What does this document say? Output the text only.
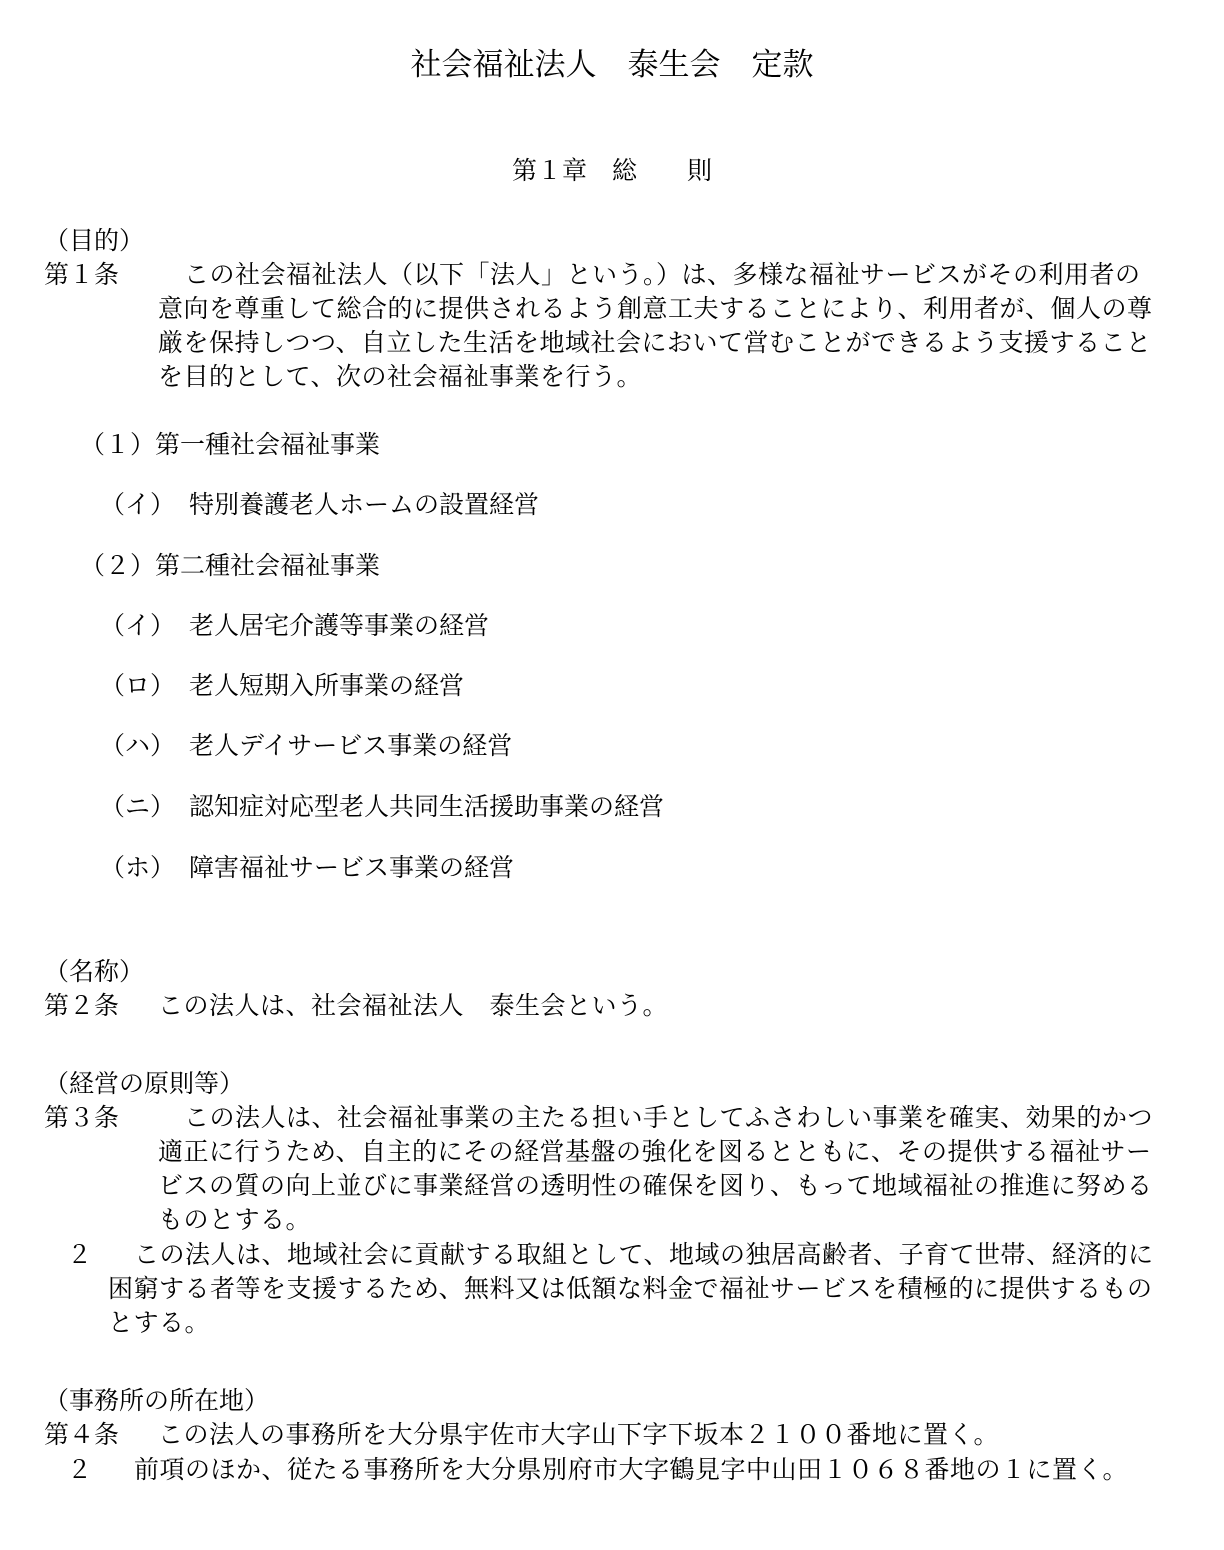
社会福祉法人　泰生会　定款
第１章　総　　則
（目的）
第１条	この社会福祉法人（以下「法人」という。）は、多様な福祉サービスがその利用者の
意向を尊重して総合的に提供されるよう創意工夫することにより、利用者が、個人の尊
厳を保持しつつ、自立した生活を地域社会において営むことができるよう支援すること
を目的として、次の社会福祉事業を行う。
（１） 第一種社会福祉事業
（イ） 特別養護老人ホームの設置経営
（２） 第二種社会福祉事業
（イ） 老人居宅介護等事業の経営
（ロ） 老人短期入所事業の経営
（ハ） 老人デイサービス事業の経営
（ニ） 認知症対応型老人共同生活援助事業の経営
（ホ） 障害福祉サービス事業の経営
（名称）
第２条 この法人は、社会福祉法人　泰生会という。
（経営の原則等）
第３条	この法人は、社会福祉事業の主たる担い手としてふさわしい事業を確実、効果的かつ
適正に行うため、自主的にその経営基盤の強化を図るとともに、その提供する福祉サー
ビスの質の向上並びに事業経営の透明性の確保を図り、もって地域福祉の推進に努める
ものとする。
２ この法人は、地域社会に貢献する取組として、地域の独居高齢者、子育て世帯、経済的に
困窮する者等を支援するため、無料又は低額な料金で福祉サービスを積極的に提供するもの
とする。
（事務所の所在地）
第４条 この法人の事務所を大分県宇佐市大字山下字下坂本２１００番地に置く。
２ 前項のほか、従たる事務所を大分県別府市大字鶴見字中山田１０６８番地の１に置く。
